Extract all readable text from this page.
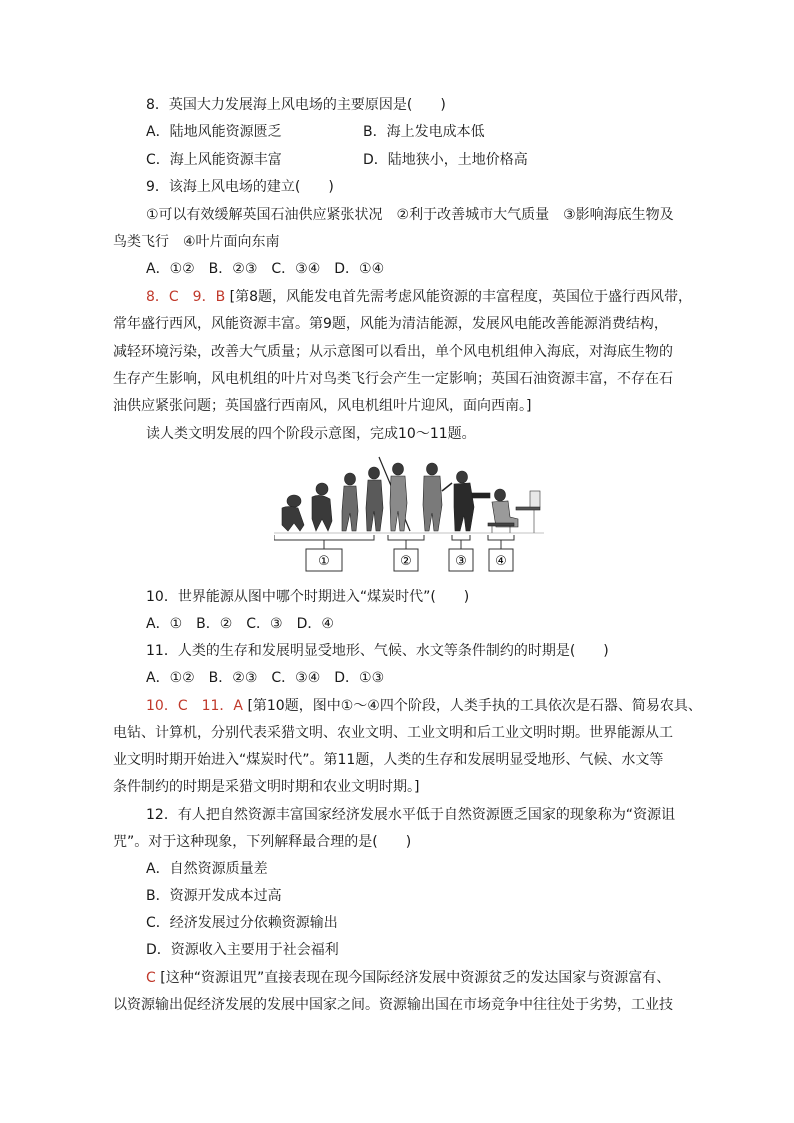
8．英国大力发展海上风电场的主要原因是(　　)
A．陆地风能资源匮乏	B．海上发电成本低
C．海上风能资源丰富	D．陆地狭小，土地价格高
9．该海上风电场的建立(　　)
①可以有效缓解英国石油供应紧张状况　②利于改善城市大气质量　③影响海底生物及
鸟类飞行　④叶片面向东南
A．①②　B．②③　C．③④　D．①④
8．C　9．B [第8题，风能发电首先需考虑风能资源的丰富程度，英国位于盛行西风带，
常年盛行西风，风能资源丰富。第9题，风能为清洁能源，发展风电能改善能源消费结构，
减轻环境污染，改善大气质量；从示意图可以看出，单个风电机组伸入海底，对海底生物的
生存产生影响，风电机组的叶片对鸟类飞行会产生一定影响；英国石油资源丰富，不存在石
油供应紧张问题；英国盛行西南风，风电机组叶片迎风，面向西南。]
读人类文明发展的四个阶段示意图，完成10～11题。
①	②	③ ④
10．世界能源从图中哪个时期进入“煤炭时代”(　　)
A．①　B．②　C．③　D．④
11．人类的生存和发展明显受地形、气候、水文等条件制约的时期是(　　)
A．①②　B．②③　C．③④　D．①③
10．C　11．A [第10题，图中①～④四个阶段，人类手执的工具依次是石器、简易农具、
电钻、计算机，分别代表采猎文明、农业文明、工业文明和后工业文明时期。世界能源从工
业文明时期开始进入“煤炭时代”。第11题，人类的生存和发展明显受地形、气候、水文等
条件制约的时期是采猎文明时期和农业文明时期。]
12．有人把自然资源丰富国家经济发展水平低于自然资源匮乏国家的现象称为“资源诅
咒”。对于这种现象，下列解释最合理的是(　　)
A．自然资源质量差
B．资源开发成本过高
C．经济发展过分依赖资源输出
D．资源收入主要用于社会福利
C [这种“资源诅咒”直接表现在现今国际经济发展中资源贫乏的发达国家与资源富有、
以资源输出促经济发展的发展中国家之间。资源输出国在市场竞争中往往处于劣势，工业技
